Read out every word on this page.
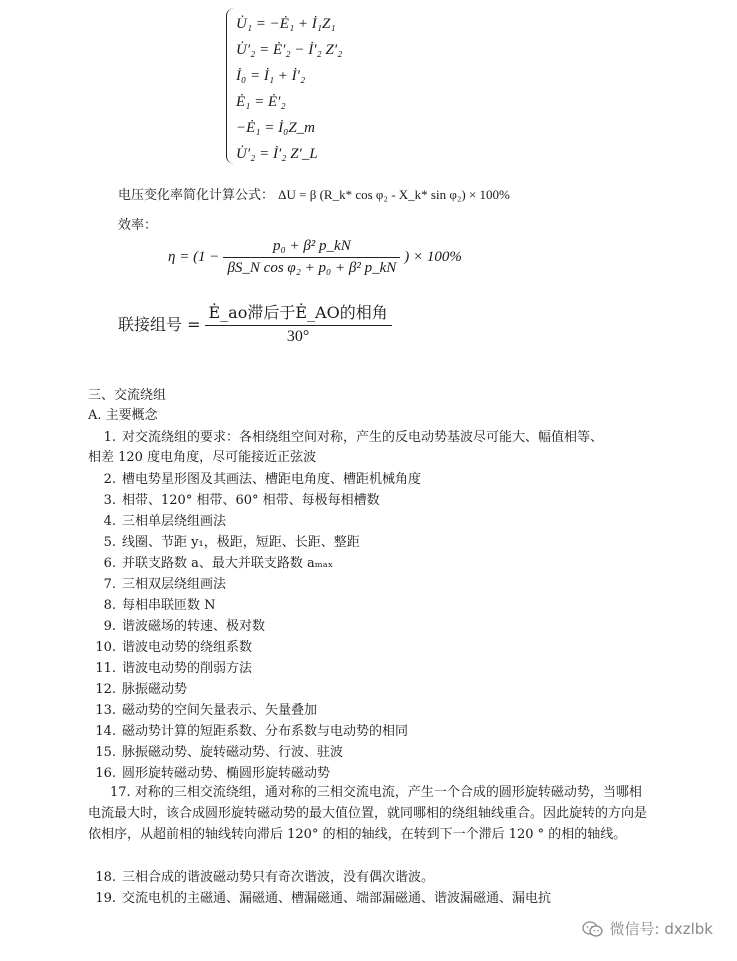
U̇₁ = −Ė₁ + İ₁Z₁
U̇′₂ = Ė′₂ − İ′₂ Z′₂
İ₀ = İ₁ + İ′₂
Ė₁ = Ė′₂
−Ė₁ = İ₀Z_m
U̇′₂ = İ′₂ Z′_L
电压变化率简化计算公式： ΔU = β (R_k* cos φ₂ - X_k* sin φ₂) × 100%
效率：
$\eta = (1 - \frac{\text{p₀ + β² p\_kN}}{\text{βS\_N cos φ₂ + p₀ + β² p\_kN}}$ ) × 100%
联接组号 = $\frac{\text{Ė\_ao滞后于Ė\_AO的相角}}{30^\circ}$
三、交流绕组
A. 主要概念
1. 对交流绕组的要求：各相绕组空间对称，产生的反电动势基波尽可能大、幅值相等、
相差 120 度电角度，尽可能接近正弦波
2. 槽电势星形图及其画法、槽距电角度、槽距机械角度
3. 相带、120° 相带、60° 相带、每极每相槽数
4. 三相单层绕组画法
5. 线圈、节距 y₁，极距，短距、长距、整距
6. 并联支路数 a、最大并联支路数 aₘₐₓ
7. 三相双层绕组画法
8. 每相串联匝数 N
9. 谐波磁场的转速、极对数
10. 谐波电动势的绕组系数
11. 谐波电动势的削弱方法
12. 脉振磁动势
13. 磁动势的空间矢量表示、矢量叠加
14. 磁动势计算的短距系数、分布系数与电动势的相同
15. 脉振磁动势、旋转磁动势、行波、驻波
16. 圆形旋转磁动势、椭圆形旋转磁动势
17. 对称的三相交流绕组，通对称的三相交流电流，产生一个合成的圆形旋转磁动势，当哪相电流最大时，该合成圆形旋转磁动势的最大值位置，就同哪相的绕组轴线重合。因此旋转的方向是依相序，从超前相的轴线转向滞后 120° 的相的轴线，在转到下一个滞后 120 ° 的相的轴线。
18. 三相合成的谐波磁动势只有奇次谐波，没有偶次谐波。
19. 交流电机的主磁通、漏磁通、槽漏磁通、端部漏磁通、谐波漏磁通、漏电抗
微信号: dxzlbk
